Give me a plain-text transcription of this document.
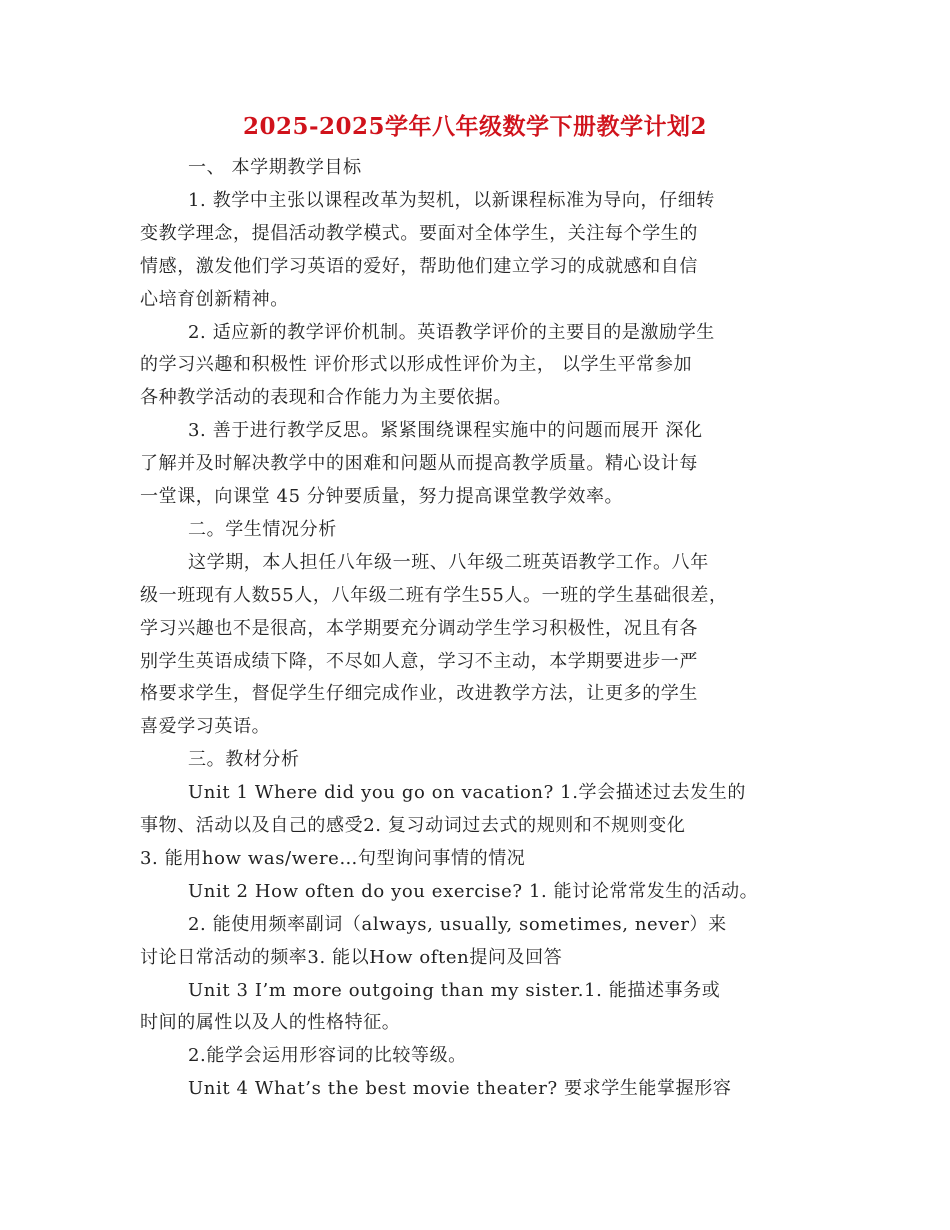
2025-2025学年八年级数学下册教学计划2
一、 本学期教学目标
1. 教学中主张以课程改革为契机，以新课程标准为导向，仔细转
变教学理念，提倡活动教学模式。要面对全体学生，关注每个学生的
情感，激发他们学习英语的爱好，帮助他们建立学习的成就感和自信
心培育创新精神。
2. 适应新的教学评价机制。英语教学评价的主要目的是激励学生
的学习兴趣和积极性 评价形式以形成性评价为主， 以学生平常参加
各种教学活动的表现和合作能力为主要依据。
3. 善于进行教学反思。紧紧围绕课程实施中的问题而展开 深化
了解并及时解决教学中的困难和问题从而提高教学质量。精心设计每
一堂课，向课堂 45 分钟要质量，努力提高课堂教学效率。
二。学生情况分析
这学期，本人担任八年级一班、八年级二班英语教学工作。八年
级一班现有人数55人，八年级二班有学生55人。一班的学生基础很差，
学习兴趣也不是很高，本学期要充分调动学生学习积极性，况且有各
别学生英语成绩下降，不尽如人意，学习不主动，本学期要进步一严
格要求学生，督促学生仔细完成作业，改进教学方法，让更多的学生
喜爱学习英语。
三。教材分析
Unit 1 Where did you go on vacation? 1.学会描述过去发生的
事物、活动以及自己的感受2. 复习动词过去式的规则和不规则变化
3. 能用how was/were…句型询问事情的情况
Unit 2 How often do you exercise? 1. 能讨论常常发生的活动。
2. 能使用频率副词（always, usually, sometimes, never）来
讨论日常活动的频率3. 能以How often提问及回答
Unit 3 I’m more outgoing than my sister.1. 能描述事务或
时间的属性以及人的性格特征。
2.能学会运用形容词的比较等级。
Unit 4 What’s the best movie theater? 要求学生能掌握形容
